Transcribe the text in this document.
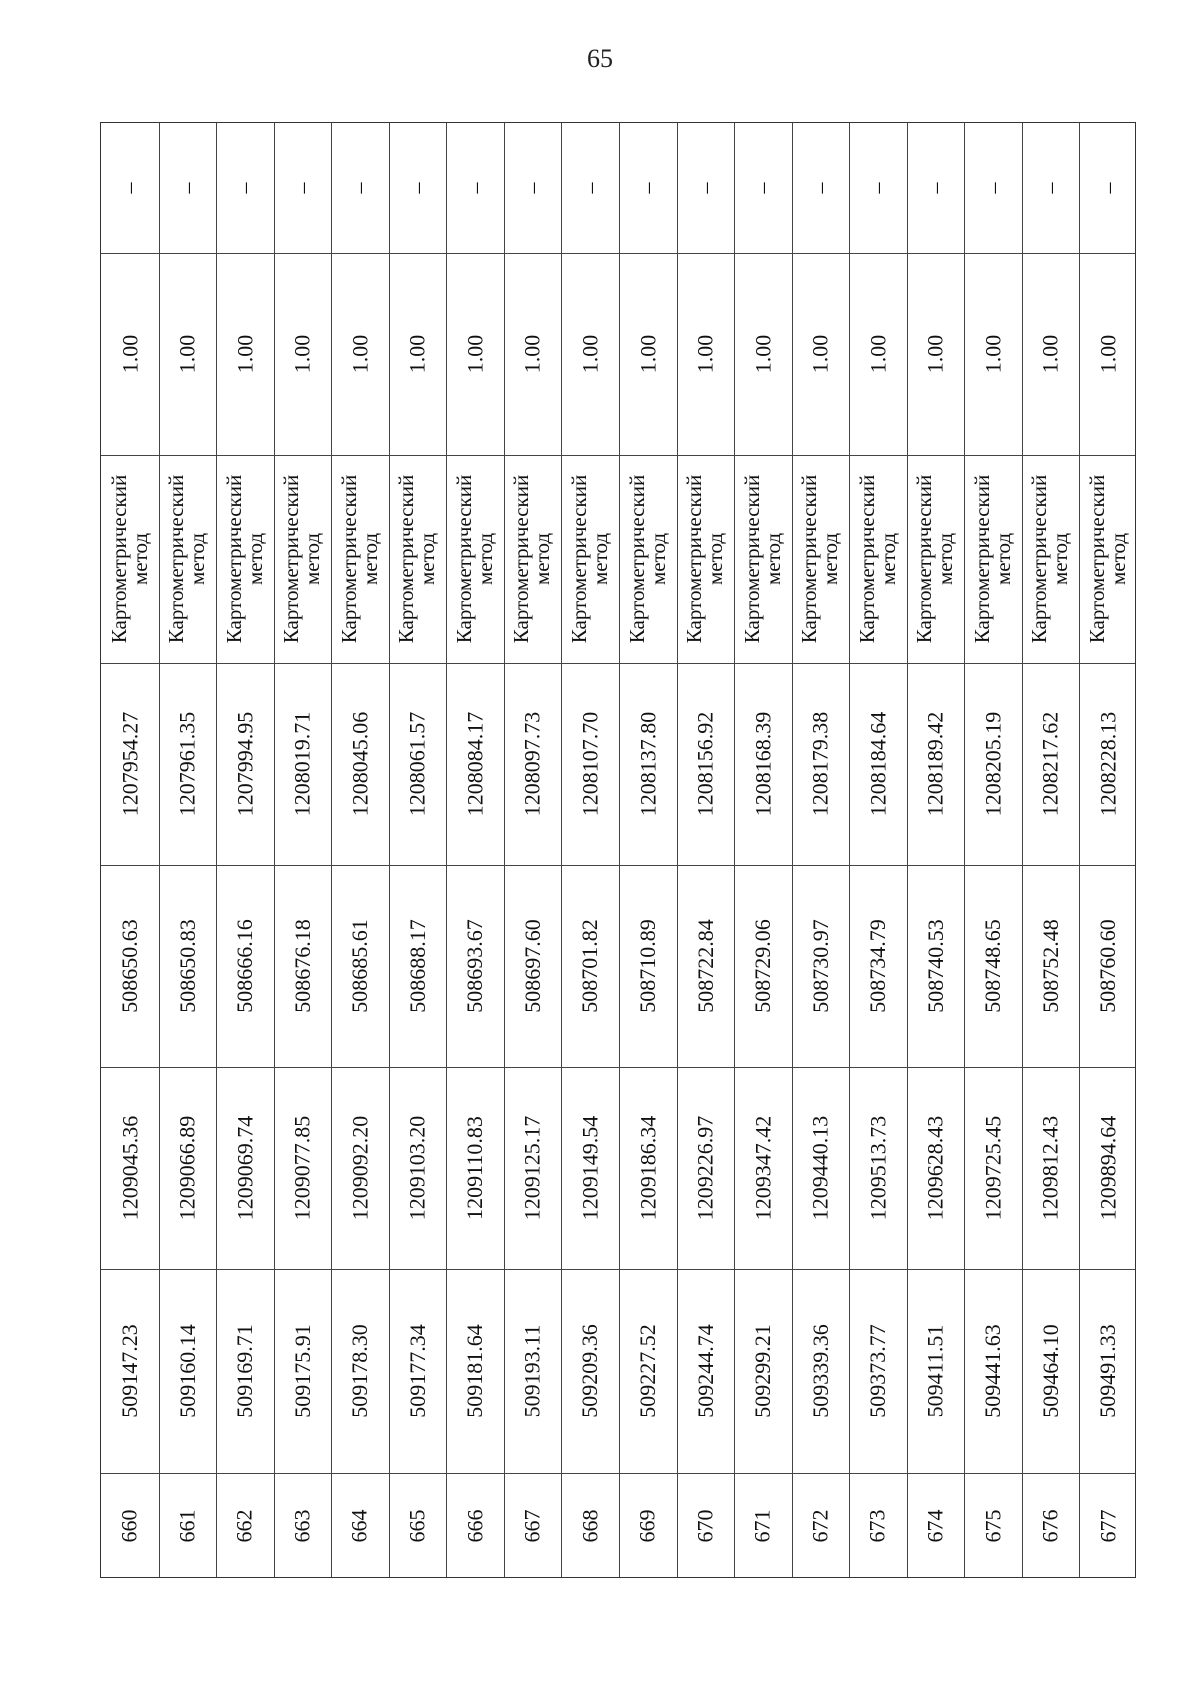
65
–
1.00
Картометрический метод
1207954.27
508650.63
1209045.36
509147.23
660
–
1.00
Картометрический метод
1207961.35
508650.83
1209066.89
509160.14
661
–
1.00
Картометрический метод
1207994.95
508666.16
1209069.74
509169.71
662
–
1.00
Картометрический метод
1208019.71
508676.18
1209077.85
509175.91
663
–
1.00
Картометрический метод
1208045.06
508685.61
1209092.20
509178.30
664
–
1.00
Картометрический метод
1208061.57
508688.17
1209103.20
509177.34
665
–
1.00
Картометрический метод
1208084.17
508693.67
1209110.83
509181.64
666
–
1.00
Картометрический метод
1208097.73
508697.60
1209125.17
509193.11
667
–
1.00
Картометрический метод
1208107.70
508701.82
1209149.54
509209.36
668
–
1.00
Картометрический метод
1208137.80
508710.89
1209186.34
509227.52
669
–
1.00
Картометрический метод
1208156.92
508722.84
1209226.97
509244.74
670
–
1.00
Картометрический метод
1208168.39
508729.06
1209347.42
509299.21
671
–
1.00
Картометрический метод
1208179.38
508730.97
1209440.13
509339.36
672
–
1.00
Картометрический метод
1208184.64
508734.79
1209513.73
509373.77
673
–
1.00
Картометрический метод
1208189.42
508740.53
1209628.43
509411.51
674
–
1.00
Картометрический метод
1208205.19
508748.65
1209725.45
509441.63
675
–
1.00
Картометрический метод
1208217.62
508752.48
1209812.43
509464.10
676
–
1.00
Картометрический метод
1208228.13
508760.60
1209894.64
509491.33
677
